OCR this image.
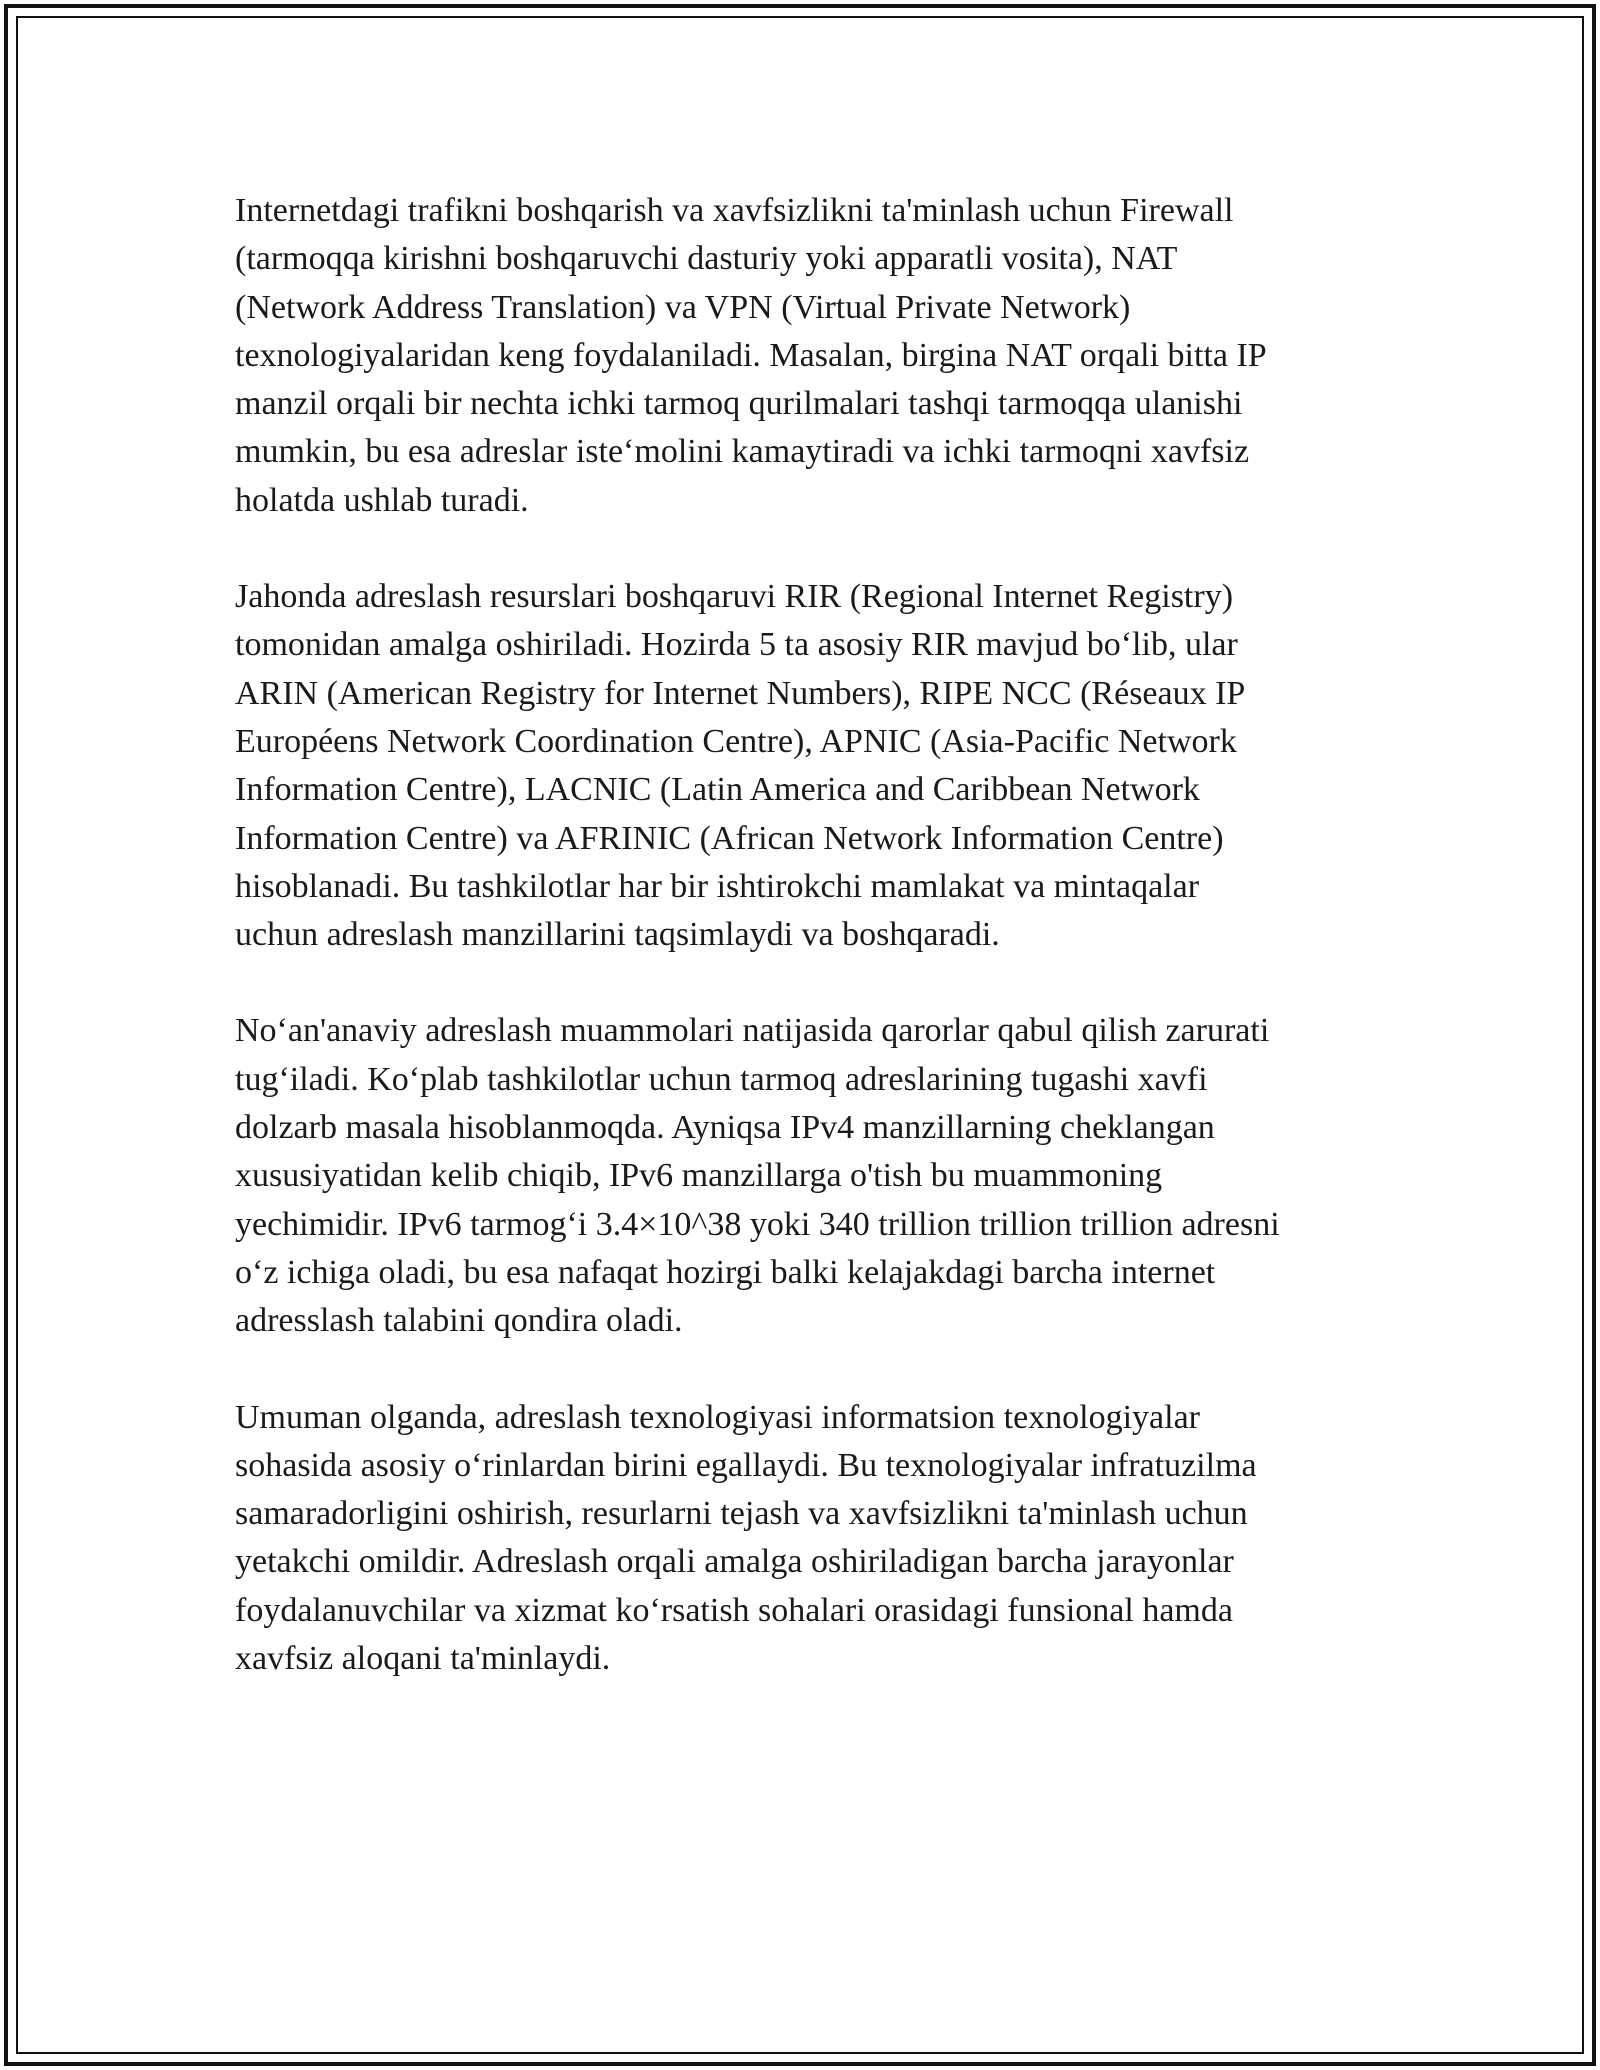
Internetdagi trafikni boshqarish va xavfsizlikni ta'minlash uchun Firewall
(tarmoqqa kirishni boshqaruvchi dasturiy yoki apparatli vosita), NAT
(Network Address Translation) va VPN (Virtual Private Network)
texnologiyalaridan keng foydalaniladi. Masalan, birgina NAT orqali bitta IP
manzil orqali bir nechta ichki tarmoq qurilmalari tashqi tarmoqqa ulanishi
mumkin, bu esa adreslar iste‘molini kamaytiradi va ichki tarmoqni xavfsiz
holatda ushlab turadi.

Jahonda adreslash resurslari boshqaruvi RIR (Regional Internet Registry)
tomonidan amalga oshiriladi. Hozirda 5 ta asosiy RIR mavjud bo‘lib, ular
ARIN (American Registry for Internet Numbers), RIPE NCC (Réseaux IP
Européens Network Coordination Centre), APNIC (Asia-Pacific Network
Information Centre), LACNIC (Latin America and Caribbean Network
Information Centre) va AFRINIC (African Network Information Centre)
hisoblanadi. Bu tashkilotlar har bir ishtirokchi mamlakat va mintaqalar
uchun adreslash manzillarini taqsimlaydi va boshqaradi.

No‘an'anaviy adreslash muammolari natijasida qarorlar qabul qilish zarurati
tug‘iladi. Ko‘plab tashkilotlar uchun tarmoq adreslarining tugashi xavfi
dolzarb masala hisoblanmoqda. Ayniqsa IPv4 manzillarning cheklangan
xususiyatidan kelib chiqib, IPv6 manzillarga o'tish bu muammoning
yechimidir. IPv6 tarmog‘i 3.4×10^38 yoki 340 trillion trillion trillion adresni
o‘z ichiga oladi, bu esa nafaqat hozirgi balki kelajakdagi barcha internet
adresslash talabini qondira oladi.

Umuman olganda, adreslash texnologiyasi informatsion texnologiyalar
sohasida asosiy o‘rinlardan birini egallaydi. Bu texnologiyalar infratuzilma
samaradorligini oshirish, resurlarni tejash va xavfsizlikni ta'minlash uchun
yetakchi omildir. Adreslash orqali amalga oshiriladigan barcha jarayonlar
foydalanuvchilar va xizmat ko‘rsatish sohalari orasidagi funsional hamda
xavfsiz aloqani ta'minlaydi.
